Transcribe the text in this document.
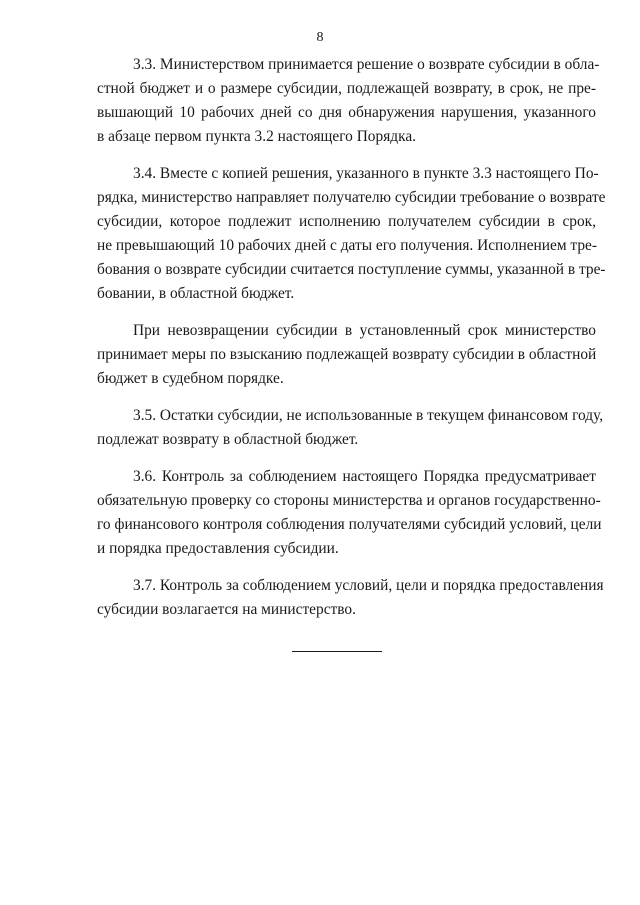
8
3.3. Министерством принимается решение о возврате субсидии в обла-
стной бюджет и о размере субсидии, подлежащей возврату, в срок, не пре-
вышающий 10 рабочих дней со дня обнаружения нарушения, указанного
в абзаце первом пункта 3.2 настоящего Порядка.
3.4. Вместе с копией решения, указанного в пункте 3.3 настоящего По-
рядка, министерство направляет получателю субсидии требование о возврате
субсидии, которое подлежит исполнению получателем субсидии в срок,
не превышающий 10 рабочих дней с даты его получения. Исполнением тре-
бования о возврате субсидии считается поступление суммы, указанной в тре-
бовании, в областной бюджет.
При невозвращении субсидии в установленный срок министерство
принимает меры по взысканию подлежащей возврату субсидии в областной
бюджет в судебном порядке.
3.5. Остатки субсидии, не использованные в текущем финансовом году,
подлежат возврату в областной бюджет.
3.6. Контроль за соблюдением настоящего Порядка предусматривает
обязательную проверку со стороны министерства и органов государственно-
го финансового контроля соблюдения получателями субсидий условий, цели
и порядка предоставления субсидии.
3.7. Контроль за соблюдением условий, цели и порядка предоставления
субсидии возлагается на министерство.
